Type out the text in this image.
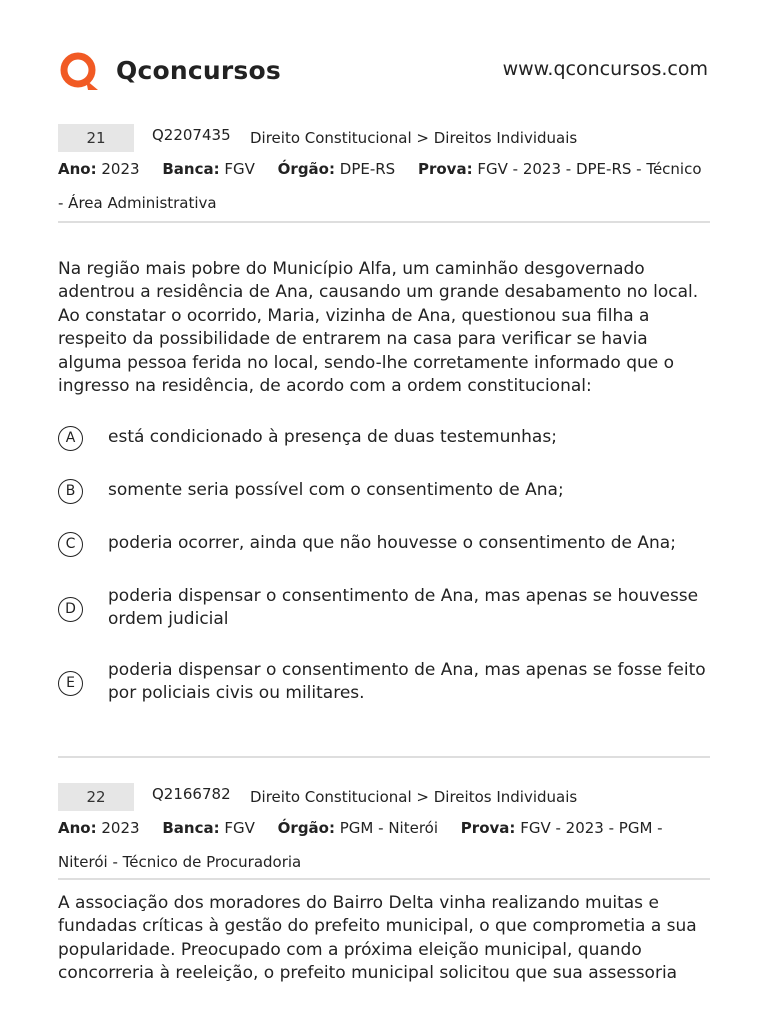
Qconcursos	www.qconcursos.com
21	Q2207435 Direito Constitucional > Direitos Individuais
Ano: 2023 Banca: FGV Órgão: DPE-RS Prova: FGV - 2023 - DPE-RS - Técnico - Área Administrativa
Na região mais pobre do Município Alfa, um caminhão desgovernado adentrou a residência de Ana, causando um grande desabamento no local. Ao constatar o ocorrido, Maria, vizinha de Ana, questionou sua filha a respeito da possibilidade de entrarem na casa para verificar se havia alguma pessoa ferida no local, sendo-lhe corretamente informado que o ingresso na residência, de acordo com a ordem constitucional:
A	está condicionado à presença de duas testemunhas;
B	somente seria possível com o consentimento de Ana;
C	poderia ocorrer, ainda que não houvesse o consentimento de Ana;
D
poderia dispensar o consentimento de Ana, mas apenas se houvesse ordem judicial
E
poderia dispensar o consentimento de Ana, mas apenas se fosse feito por policiais civis ou militares.
22	Q2166782 Direito Constitucional > Direitos Individuais
Ano: 2023 Banca: FGV Órgão: PGM - Niterói Prova: FGV - 2023 - PGM - Niterói - Técnico de Procuradoria
A associação dos moradores do Bairro Delta vinha realizando muitas e fundadas críticas à gestão do prefeito municipal, o que comprometia a sua popularidade. Preocupado com a próxima eleição municipal, quando concorreria à reeleição, o prefeito municipal solicitou que sua assessoria
